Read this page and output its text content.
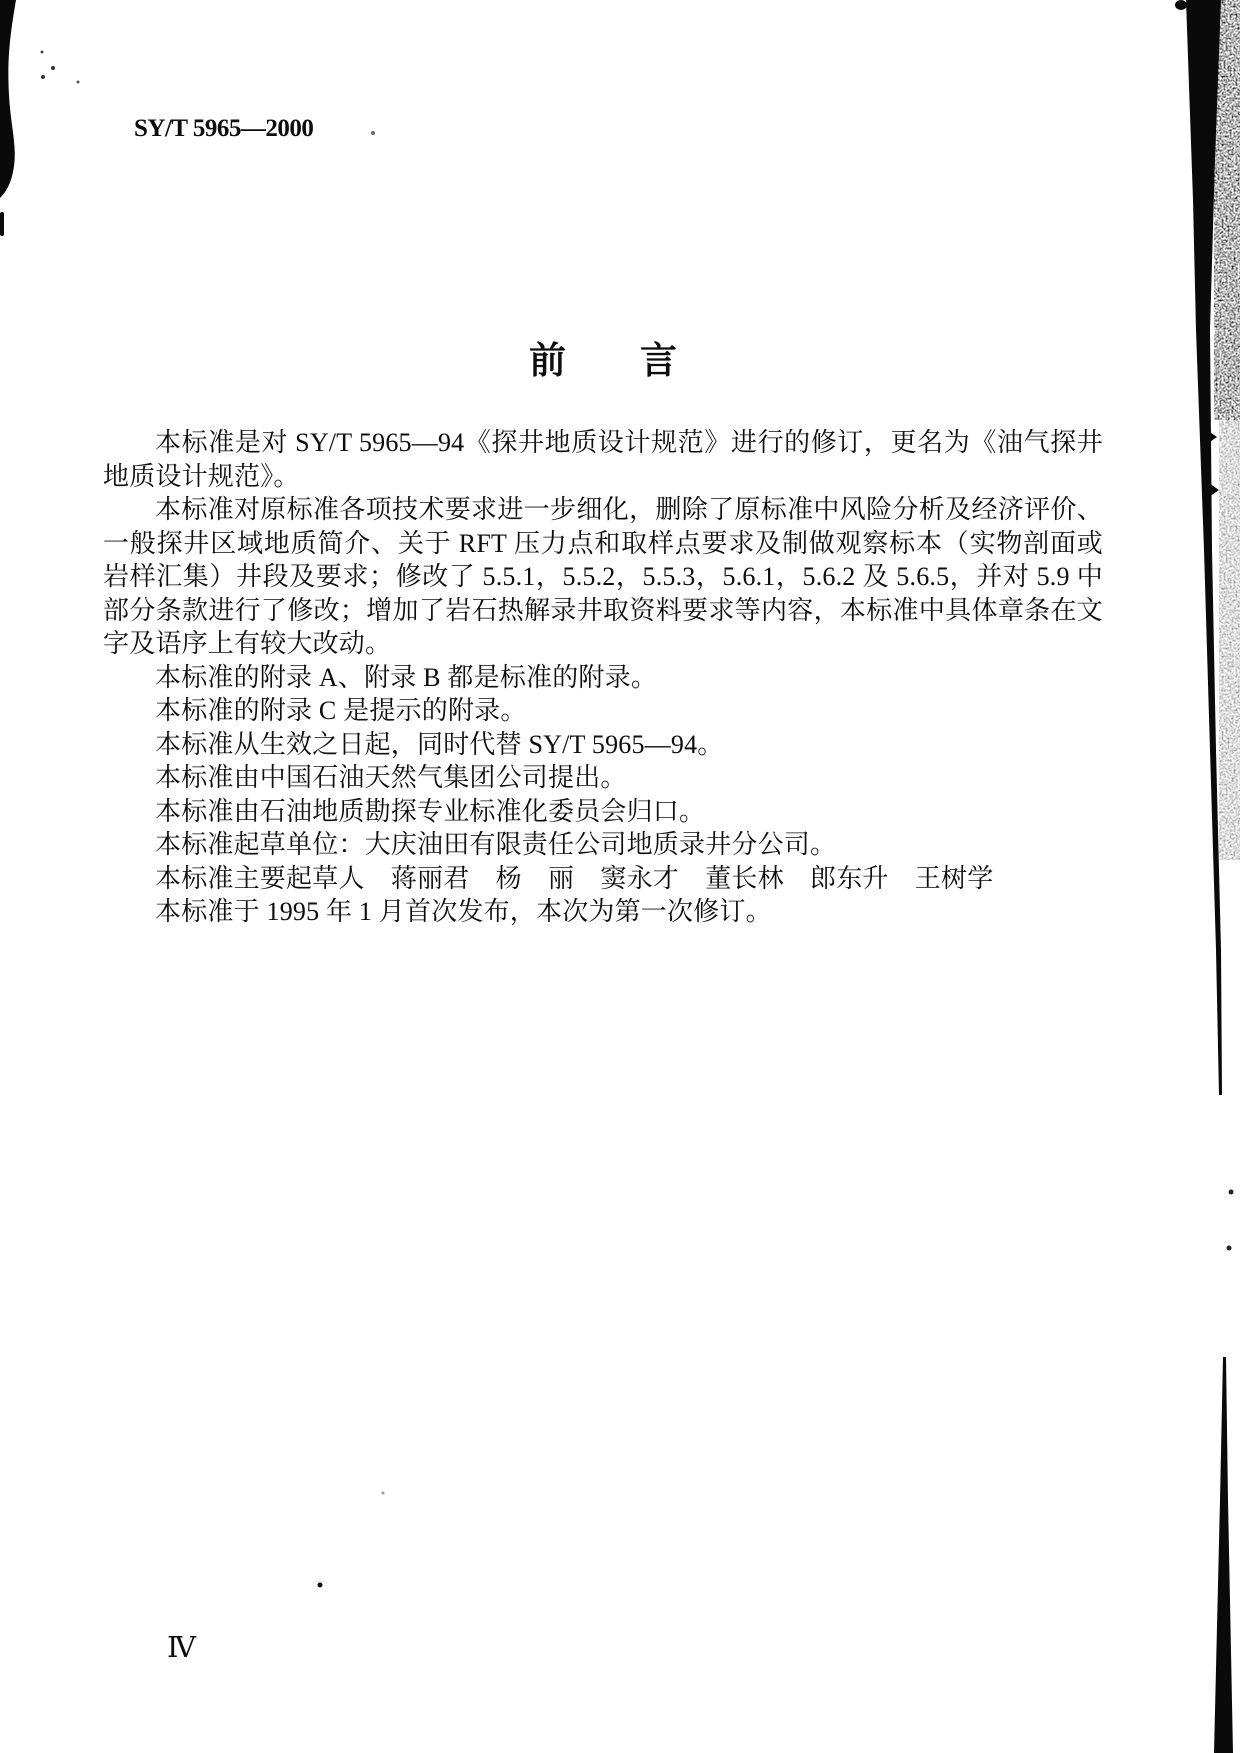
SY/T 5965—2000
前　　言

本标准是对 SY/T 5965—94《探井地质设计规范》进行的修订，更名为《油气探井地质设计规范》。

本标准对原标准各项技术要求进一步细化，删除了原标准中风险分析及经济评价、一般探井区域地质简介、关于 RFT 压力点和取样点要求及制做观察标本（实物剖面或岩样汇集）井段及要求；修改了 5.5.1，5.5.2，5.5.3，5.6.1，5.6.2 及 5.6.5，并对 5.9 中部分条款进行了修改；增加了岩石热解录井取资料要求等内容，本标准中具体章条在文字及语序上有较大改动。

本标准的附录 A、附录 B 都是标准的附录。

本标准的附录 C 是提示的附录。

本标准从生效之日起，同时代替 SY/T 5965—94。

本标准由中国石油天然气集团公司提出。

本标准由石油地质勘探专业标准化委员会归口。

本标准起草单位：大庆油田有限责任公司地质录井分公司。

本标准主要起草人　蒋丽君　杨　丽　窦永才　董长林　郎东升　王树学

本标准于 1995 年 1 月首次发布，本次为第一次修订。

Ⅳ
